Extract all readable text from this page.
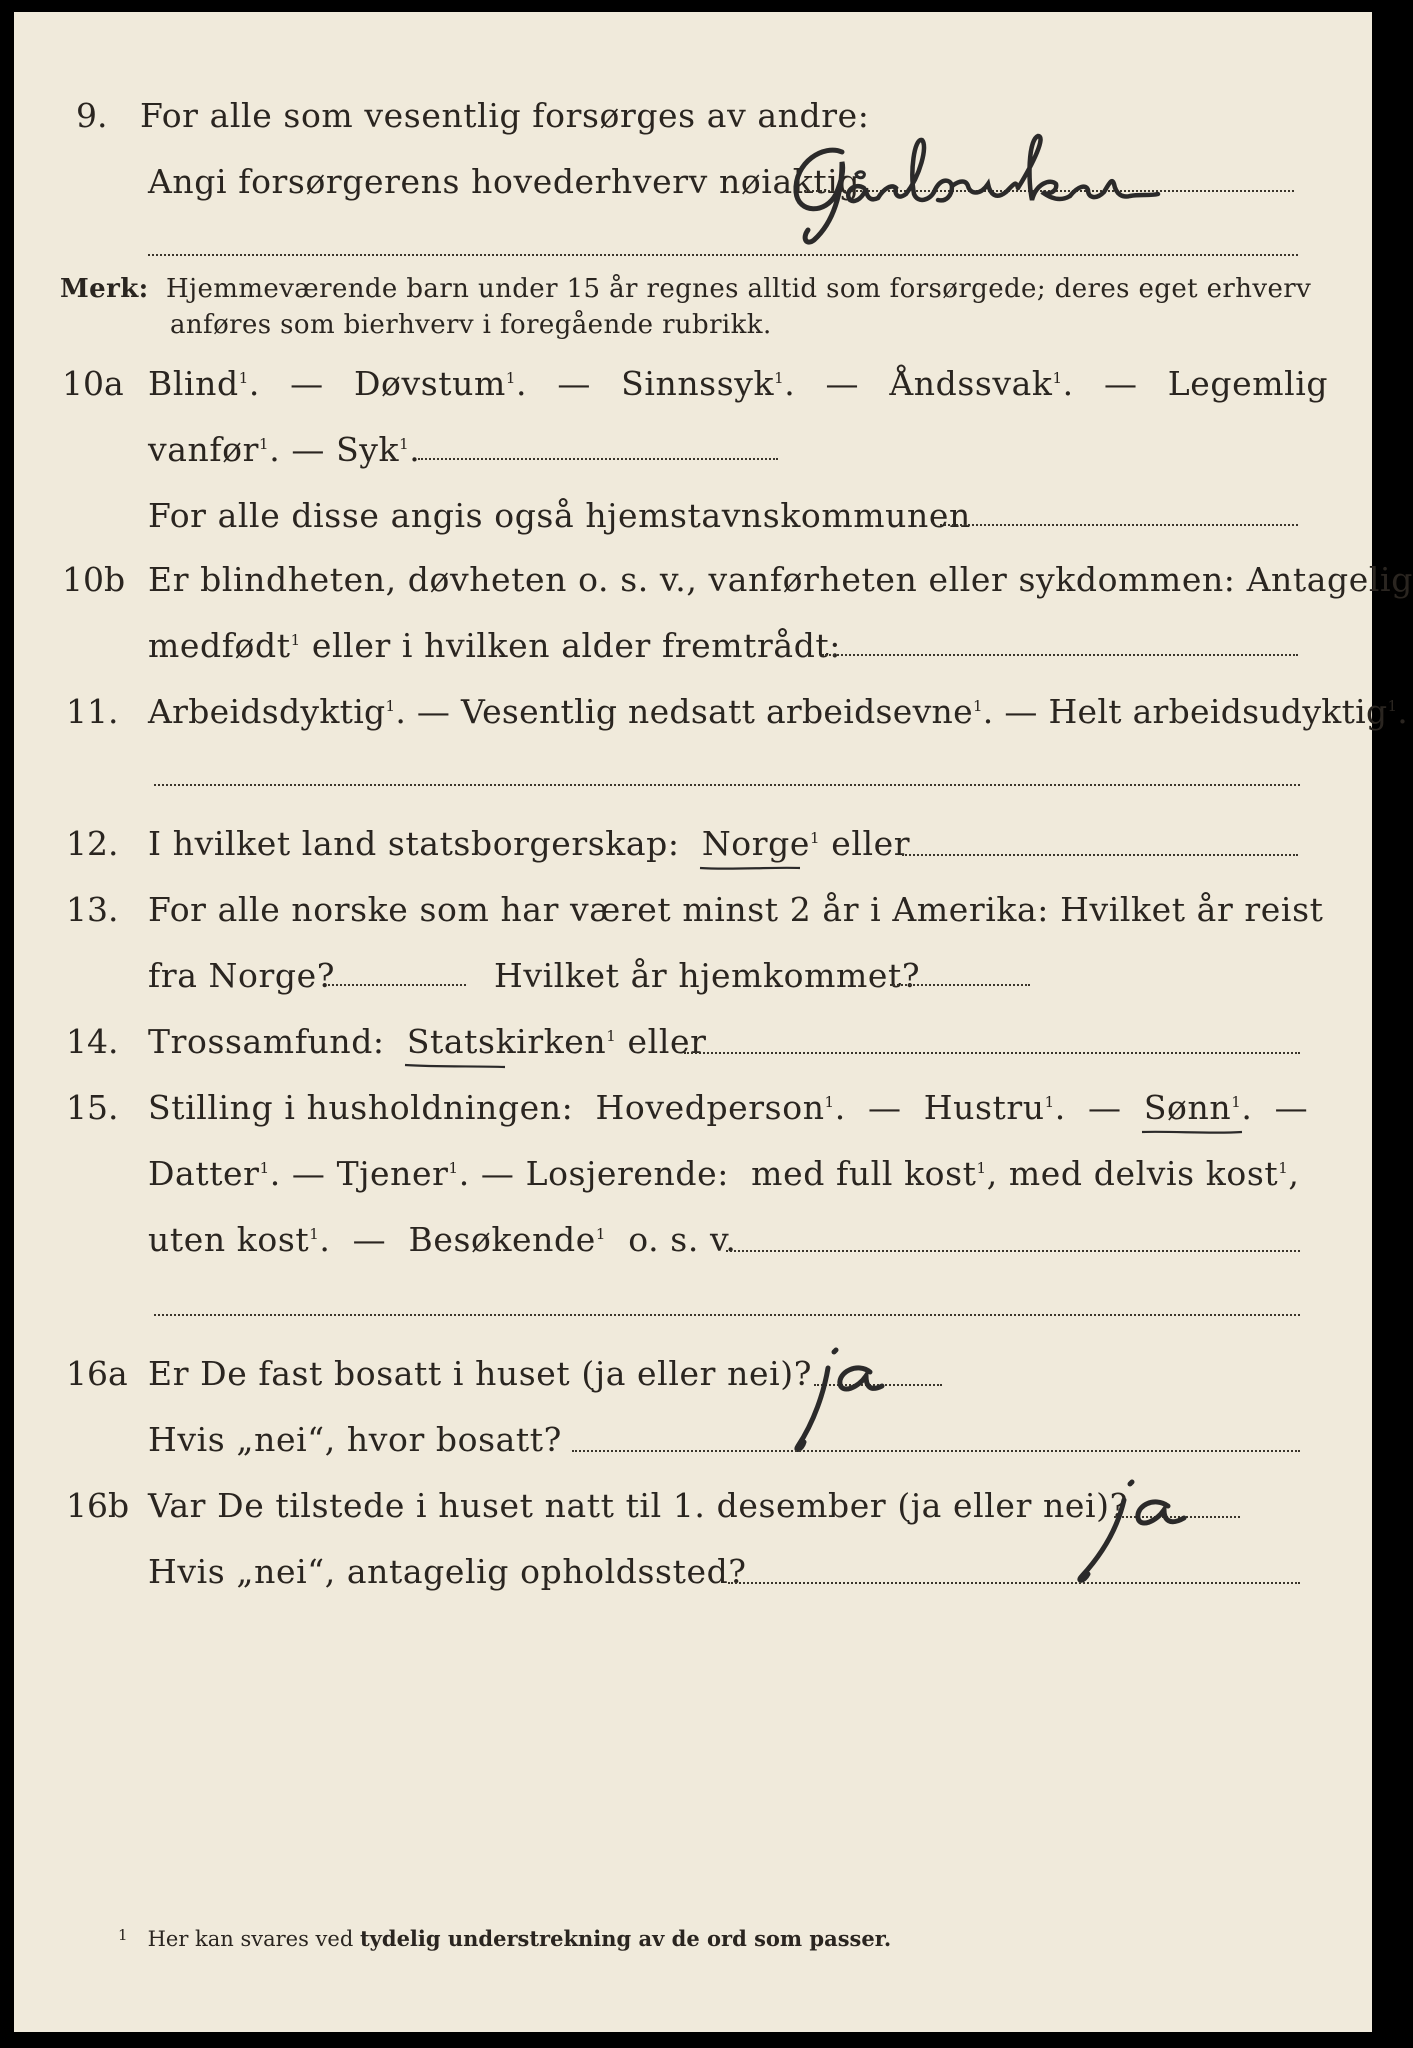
9. For alle som vesentlig forsørges av andre:
Angi forsørgerens hovederhverv nøiaktig
Merk: Hjemmeværende barn under 15 år regnes alltid som forsørgede; deres eget erhverv
anføres som bierhverv i foregående rubrikk.
10a Blind$^1$.  —  Døvstum$^1$.  —  Sinnssyk$^1$.  —  Åndssvak$^1$.  —  Legemlig
vanfør$^1$. — Syk$^1$.
For alle disse angis også hjemstavnskommunen
10b Er blindheten, døvheten o. s. v., vanførheten eller sykdommen: Antagelig
medfødt$^1$ eller i hvilken alder fremtrådt:
11. Arbeidsdyktig$^1$. — Vesentlig nedsatt arbeidsevne$^1$. — Helt arbeidsudyktig$^1$.
12. I hvilket land statsborgerskap: Norge$^1$ eller
13. For alle norske som har været minst 2 år i Amerika: Hvilket år reist
fra Norge?	Hvilket år hjemkommet?
14. Trossamfund: Statskirken$^1$ eller
15. Stilling i husholdningen: Hovedperson$^1$.  —  Hustru$^1$.  —  Sønn$^1$.
—
Datter$^1$. — Tjener$^1$. — Losjerende: med full kost$^1$, med delvis kost$^1$,
uten kost$^1$.  —  Besøkende$^1$ o. s. v.
16a Er De fast bosatt i huset (ja eller nei)?
Hvis „nei“, hvor bosatt?
16b Var De tilstede i huset natt til 1. desember (ja eller nei)?
Hvis „nei“, antagelig opholdssted?
$^1$ Her kan svares ved tydelig understrekning av de ord som passer.
